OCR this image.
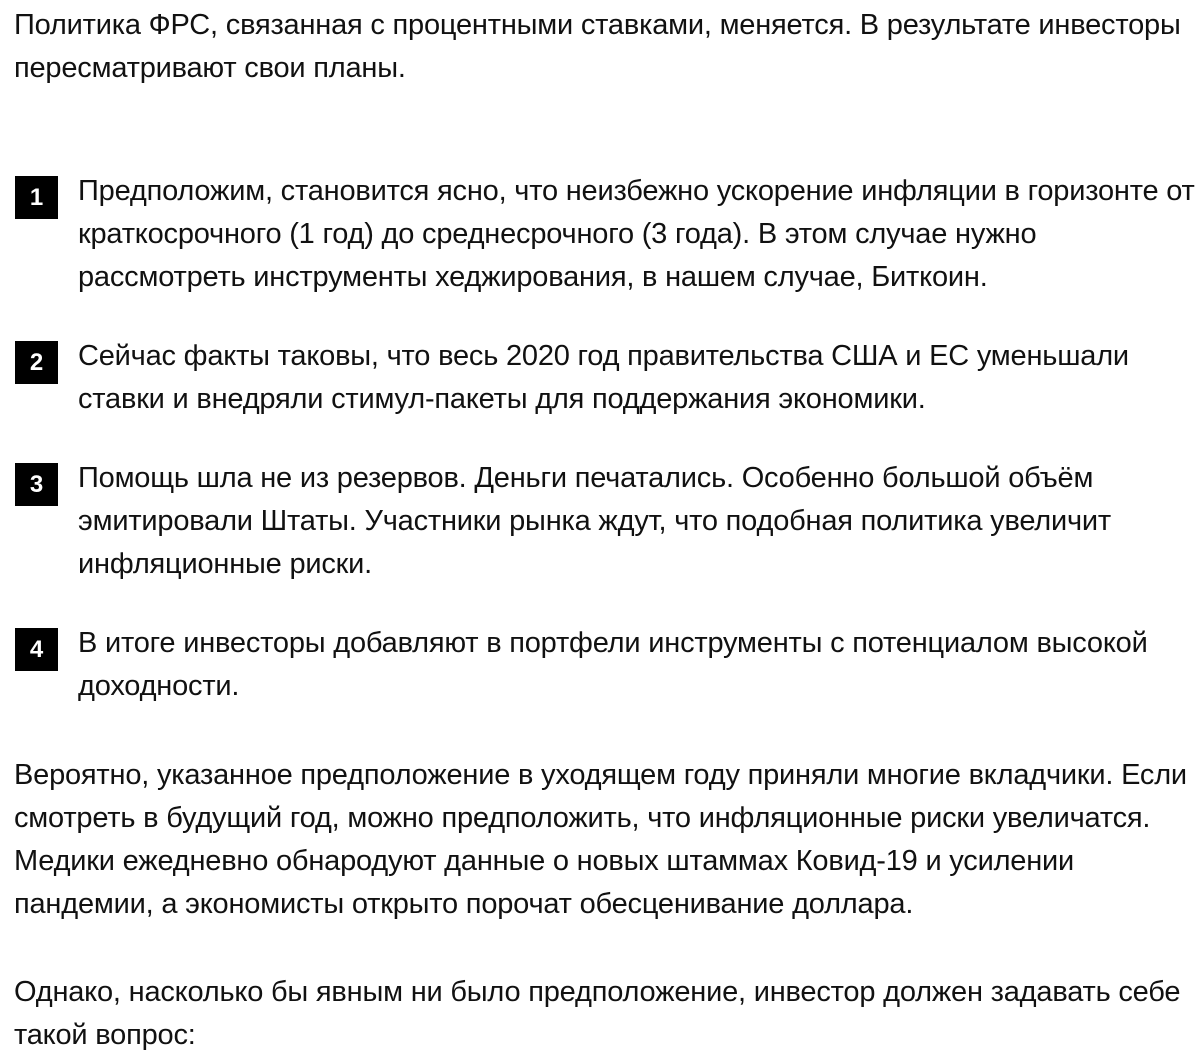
Политика ФРС, связанная с процентными ставками, меняется. В результате инвесторы пересматривают свои планы.

1	Предположим, становится ясно, что неизбежно ускорение инфляции в горизонте от краткосрочного (1 год) до среднесрочного (3 года). В этом случае нужно рассмотреть инструменты хеджирования, в нашем случае, Биткоин.

2	Сейчас факты таковы, что весь 2020 год правительства США и ЕС уменьшали ставки и внедряли стимул-пакеты для поддержания экономики.

3	Помощь шла не из резервов. Деньги печатались. Особенно большой объём эмитировали Штаты. Участники рынка ждут, что подобная политика увеличит инфляционные риски.

4	В итоге инвесторы добавляют в портфели инструменты с потенциалом высокой доходности.

Вероятно, указанное предположение в уходящем году приняли многие вкладчики. Если смотреть в будущий год, можно предположить, что инфляционные риски увеличатся. Медики ежедневно обнародуют данные о новых штаммах Ковид-19 и усилении пандемии, а экономисты открыто порочат обесценивание доллара.

Однако, насколько бы явным ни было предположение, инвестор должен задавать себе такой вопрос:
